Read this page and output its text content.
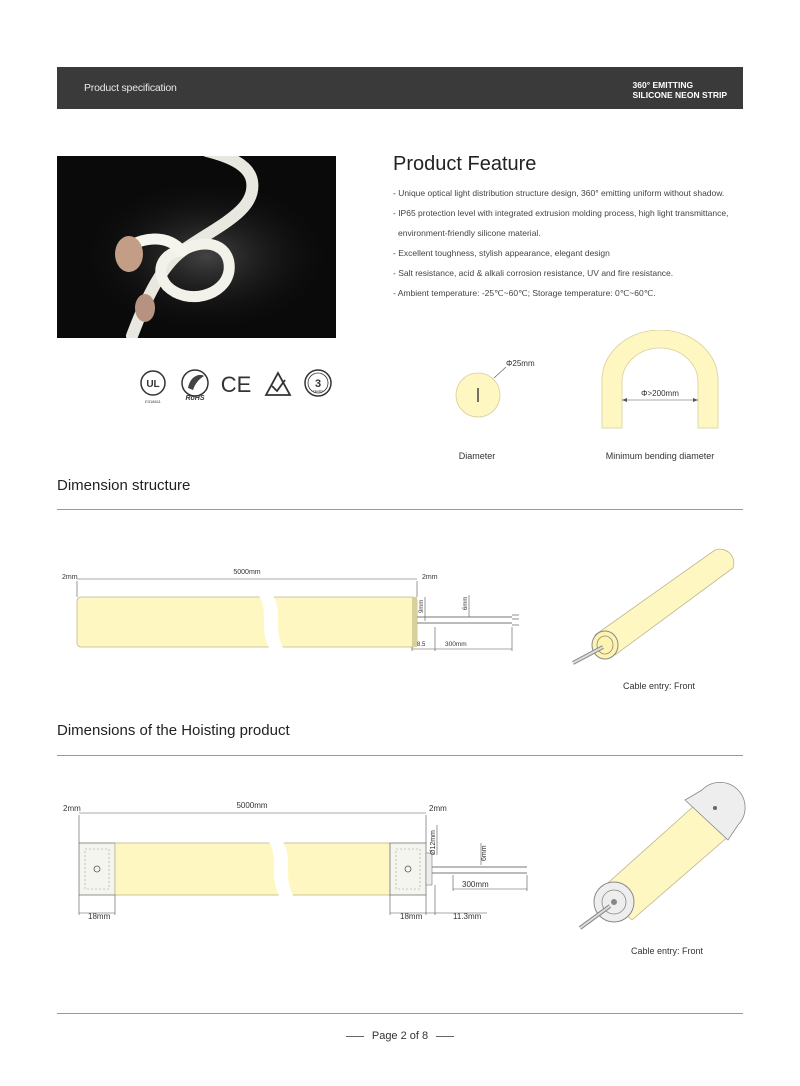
Product specification	360° EMITTING
SILICONE NEON STRIP
Product Feature
- Unique optical light distribution structure design, 360° emitting uniform without shadow.
- IP65 protection level with integrated extrusion molding process, high light transmittance,
environment-friendly silicone material.
- Excellent toughness, stylish appearance, elegant design
- Salt resistance, acid & alkali corrosion resistance, UV and fire resistance.
- Ambient temperature: -25℃~60℃; Storage temperature: 0℃~60℃.
UL
E318611	RoHS
CE	3
YEARS
Φ25mm
Diameter
Φ>200mm
Minimum bending diameter
Dimension structure
5000mm
2mm	2mm
9mm	6mm
8.5	300mm
Cable entry: Front
Dimensions of the Hoisting product
5000mm
2mm	2mm
Ø12mm	6mm
300mm
18mm	18mm	11.3mm
Cable entry: Front
Page 2 of 8
